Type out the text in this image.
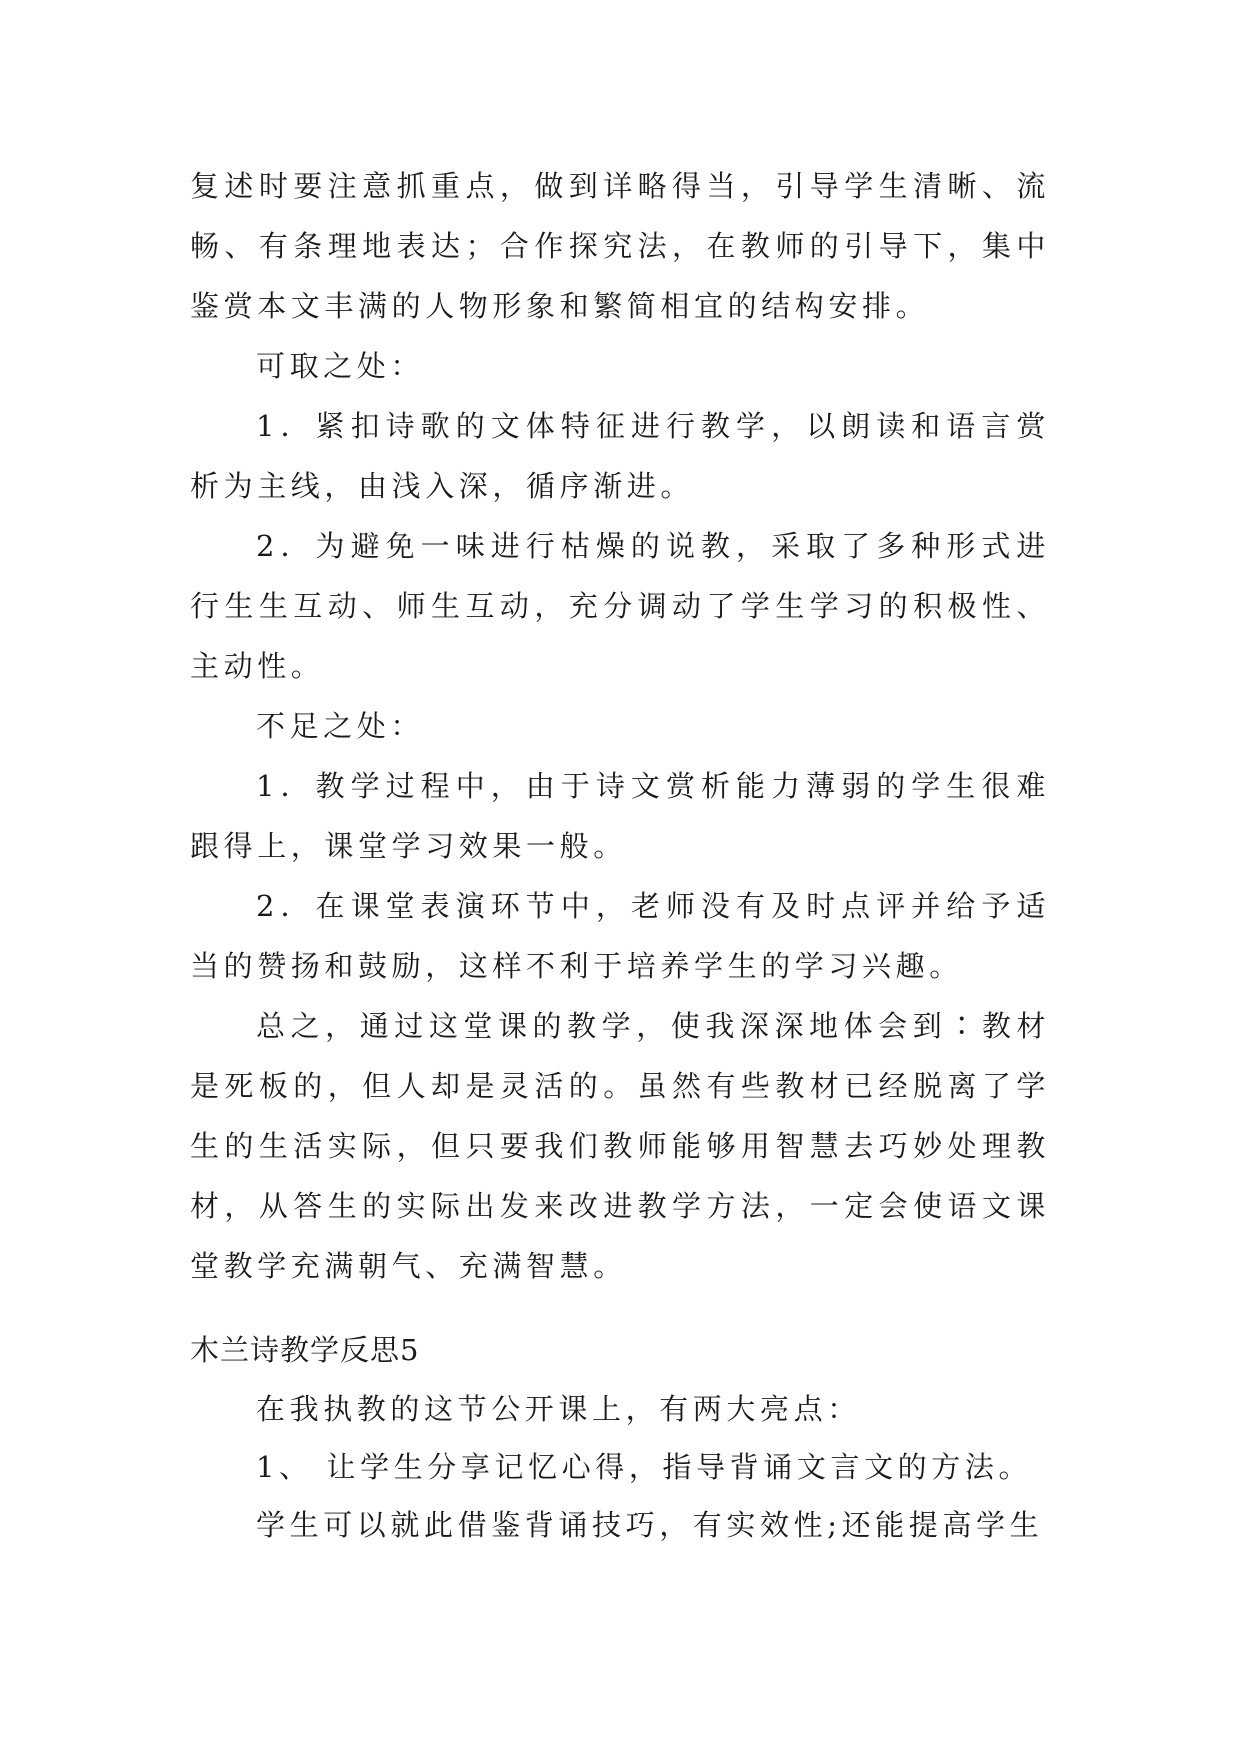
复述时要注意抓重点，做到详略得当，引导学生清晰、流畅、有条理地表达；合作探究法，在教师的引导下，集中鉴赏本文丰满的人物形象和繁简相宜的结构安排。

可取之处：

1．紧扣诗歌的文体特征进行教学，以朗读和语言赏析为主线，由浅入深，循序渐进。

2．为避免一味进行枯燥的说教，采取了多种形式进行生生互动、师生互动，充分调动了学生学习的积极性、主动性。

不足之处：

1．教学过程中，由于诗文赏析能力薄弱的学生很难跟得上，课堂学习效果一般。

2．在课堂表演环节中，老师没有及时点评并给予适当的赞扬和鼓励，这样不利于培养学生的学习兴趣。

总之，通过这堂课的教学，使我深深地体会到∶教材是死板的，但人却是灵活的。虽然有些教材已经脱离了学生的生活实际，但只要我们教师能够用智慧去巧妙处理教材，从答生的实际出发来改进教学方法，一定会使语文课堂教学充满朝气、充满智慧。

木兰诗教学反思5

在我执教的这节公开课上，有两大亮点：

1、 让学生分享记忆心得，指导背诵文言文的方法。

学生可以就此借鉴背诵技巧，有实效性;还能提高学生
